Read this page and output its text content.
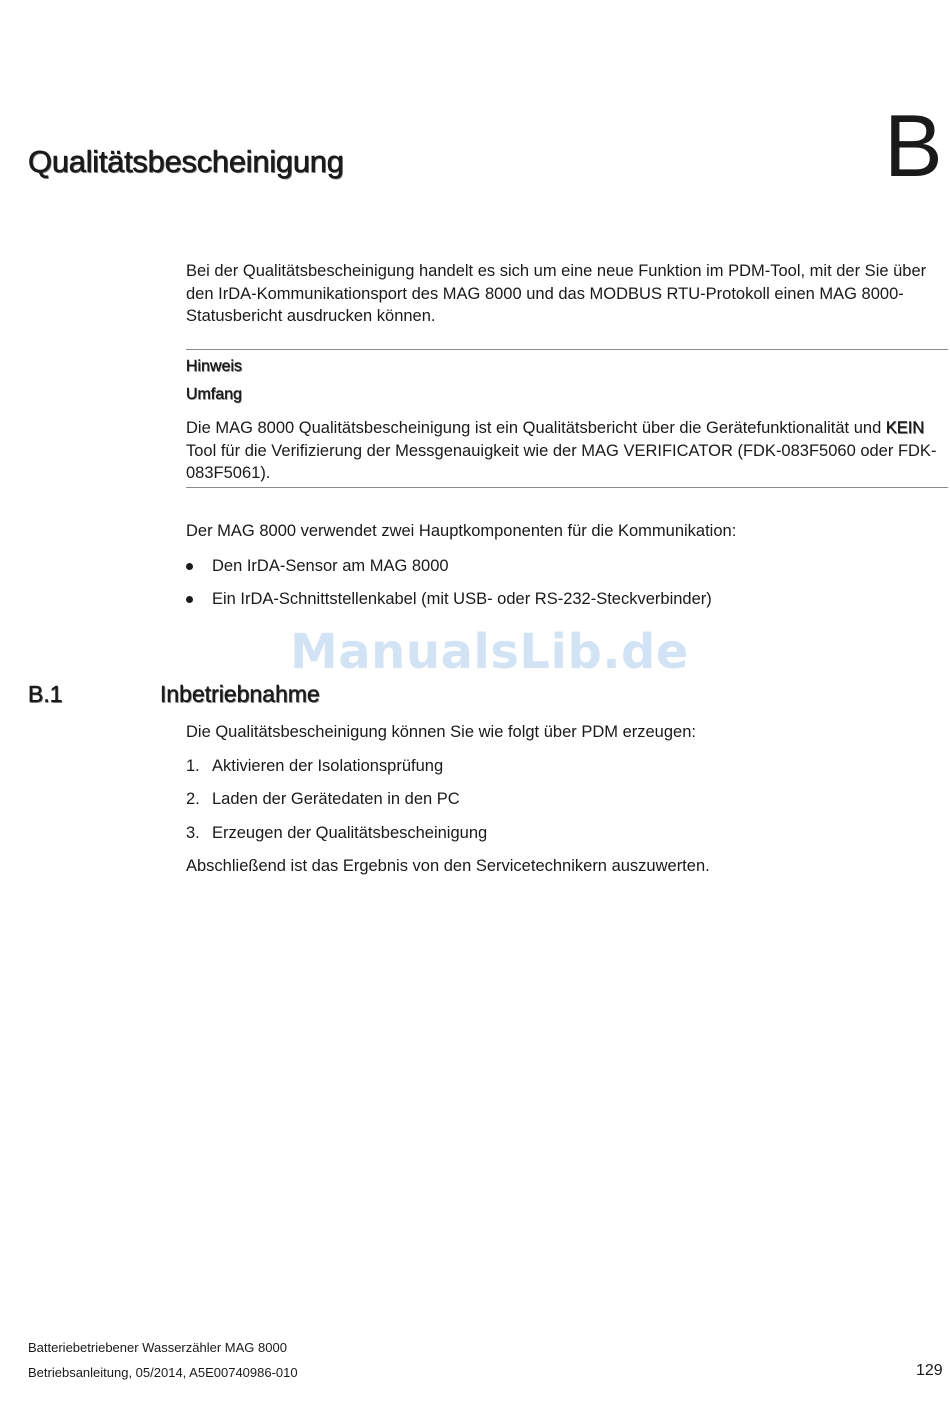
B
Qualitätsbescheinigung
Bei der Qualitätsbescheinigung handelt es sich um eine neue Funktion im PDM-Tool, mit der Sie über den IrDA-Kommunikationsport des MAG 8000 und das MODBUS RTU-Protokoll einen MAG 8000-Statusbericht ausdrucken können.
Hinweis
Umfang
Die MAG 8000 Qualitätsbescheinigung ist ein Qualitätsbericht über die Gerätefunktionalität und KEIN Tool für die Verifizierung der Messgenauigkeit wie der MAG VERIFICATOR (FDK-083F5060 oder FDK-083F5061).
Der MAG 8000 verwendet zwei Hauptkomponenten für die Kommunikation:
Den IrDA-Sensor am MAG 8000
Ein IrDA-Schnittstellenkabel (mit USB- oder RS-232-Steckverbinder)
ManualsLib.de
B.1	Inbetriebnahme
Die Qualitätsbescheinigung können Sie wie folgt über PDM erzeugen:
1. Aktivieren der Isolationsprüfung
2. Laden der Gerätedaten in den PC
3. Erzeugen der Qualitätsbescheinigung
Abschließend ist das Ergebnis von den Servicetechnikern auszuwerten.
Batteriebetriebener Wasserzähler MAG 8000
Betriebsanleitung, 05/2014, A5E00740986-010	129
